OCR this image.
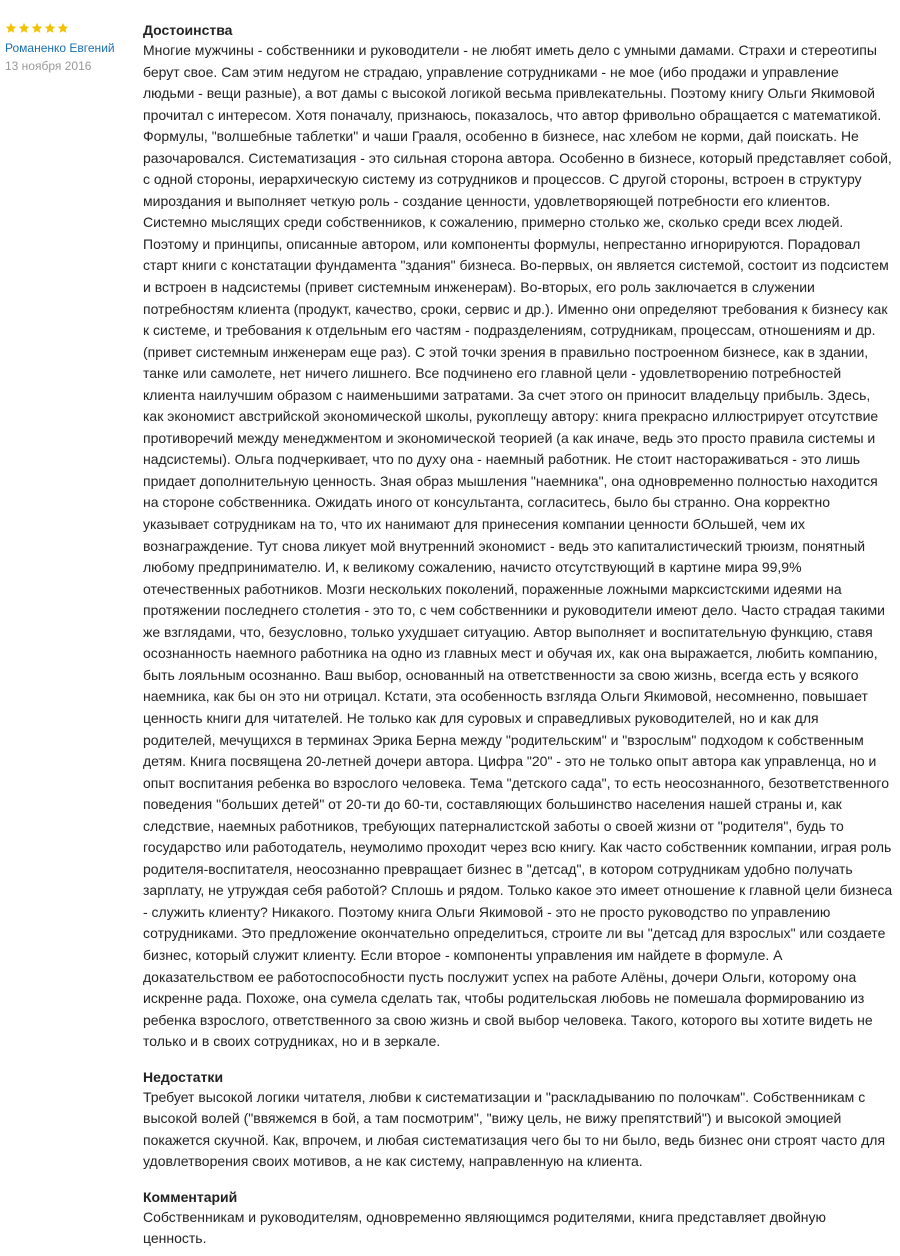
Романенко Евгений
13 ноября 2016

Достоинства

Многие мужчины - собственники и руководители - не любят иметь дело с умными дамами. Страхи и стереотипы берут свое. Сам этим недугом не страдаю, управление сотрудниками - не мое (ибо продажи и управление людьми - вещи разные), а вот дамы с высокой логикой весьма привлекательны. Поэтому книгу Ольги Якимовой прочитал с интересом. Хотя поначалу, признаюсь, показалось, что автор фривольно обращается с математикой. Формулы, "волшебные таблетки" и чаши Грааля, особенно в бизнесе, нас хлебом не корми, дай поискать. Не разочаровался. Систематизация - это сильная сторона автора. Особенно в бизнесе, который представляет собой, с одной стороны, иерархическую систему из сотрудников и процессов. С другой стороны, встроен в структуру мироздания и выполняет четкую роль - создание ценности, удовлетворяющей потребности его клиентов. Системно мыслящих среди собственников, к сожалению, примерно столько же, сколько среди всех людей. Поэтому и принципы, описанные автором, или компоненты формулы, непрестанно игнорируются. Порадовал старт книги с констатации фундамента "здания" бизнеса. Во-первых, он является системой, состоит из подсистем и встроен в надсистемы (привет системным инженерам). Во-вторых, его роль заключается в служении потребностям клиента (продукт, качество, сроки, сервис и др.). Именно они определяют требования к бизнесу как к системе, и требования к отдельным его частям - подразделениям, сотрудникам, процессам, отношениям и др. (привет системным инженерам еще раз). С этой точки зрения в правильно построенном бизнесе, как в здании, танке или самолете, нет ничего лишнего. Все подчинено его главной цели - удовлетворению потребностей клиента наилучшим образом с наименьшими затратами. За счет этого он приносит владельцу прибыль. Здесь, как экономист австрийской экономической школы, рукоплещу автору: книга прекрасно иллюстрирует отсутствие противоречий между менеджментом и экономической теорией (а как иначе, ведь это просто правила системы и надсистемы). Ольга подчеркивает, что по духу она - наемный работник. Не стоит настораживаться - это лишь придает дополнительную ценность. Зная образ мышления "наемника", она одновременно полностью находится на стороне собственника. Ожидать иного от консультанта, согласитесь, было бы странно. Она корректно указывает сотрудникам на то, что их нанимают для принесения компании ценности бОльшей, чем их вознаграждение. Тут снова ликует мой внутренний экономист - ведь это капиталистический трюизм, понятный любому предпринимателю. И, к великому сожалению, начисто отсутствующий в картине мира 99,9% отечественных работников. Мозги нескольких поколений, пораженные ложными марксистскими идеями на протяжении последнего столетия - это то, с чем собственники и руководители имеют дело. Часто страдая такими же взглядами, что, безусловно, только ухудшает ситуацию. Автор выполняет и воспитательную функцию, ставя осознанность наемного работника на одно из главных мест и обучая их, как она выражается, любить компанию, быть лояльным осознанно. Ваш выбор, основанный на ответственности за свою жизнь, всегда есть у всякого наемника, как бы он это ни отрицал. Кстати, эта особенность взгляда Ольги Якимовой, несомненно, повышает ценность книги для читателей. Не только как для суровых и справедливых руководителей, но и как для родителей, мечущихся в терминах Эрика Берна между "родительским" и "взрослым" подходом к собственным детям. Книга посвящена 20-летней дочери автора. Цифра "20" - это не только опыт автора как управленца, но и опыт воспитания ребенка во взрослого человека. Тема "детского сада", то есть неосознанного, безответственного поведения "больших детей" от 20-ти до 60-ти, составляющих большинство населения нашей страны и, как следствие, наемных работников, требующих патерналистской заботы о своей жизни от "родителя", будь то государство или работодатель, неумолимо проходит через всю книгу. Как часто собственник компании, играя роль родителя-воспитателя, неосознанно превращает бизнес в "детсад", в котором сотрудникам удобно получать зарплату, не утруждая себя работой? Сплошь и рядом. Только какое это имеет отношение к главной цели бизнеса - служить клиенту? Никакого. Поэтому книга Ольги Якимовой - это не просто руководство по управлению сотрудниками. Это предложение окончательно определиться, строите ли вы "детсад для взрослых" или создаете бизнес, который служит клиенту. Если второе - компоненты управления им найдете в формуле. А доказательством ее работоспособности пусть послужит успех на работе Алёны, дочери Ольги, которому она искренне рада. Похоже, она сумела сделать так, чтобы родительская любовь не помешала формированию из ребенка взрослого, ответственного за свою жизнь и свой выбор человека. Такого, которого вы хотите видеть не только и в своих сотрудниках, но и в зеркале.

Недостатки

Требует высокой логики читателя, любви к систематизации и "раскладыванию по полочкам". Собственникам с высокой волей ("ввяжемся в бой, а там посмотрим", "вижу цель, не вижу препятствий") и высокой эмоцией покажется скучной. Как, впрочем, и любая систематизация чего бы то ни было, ведь бизнес они строят часто для удовлетворения своих мотивов, а не как систему, направленную на клиента.

Комментарий

Собственникам и руководителям, одновременно являющимся родителями, книга представляет двойную ценность.
